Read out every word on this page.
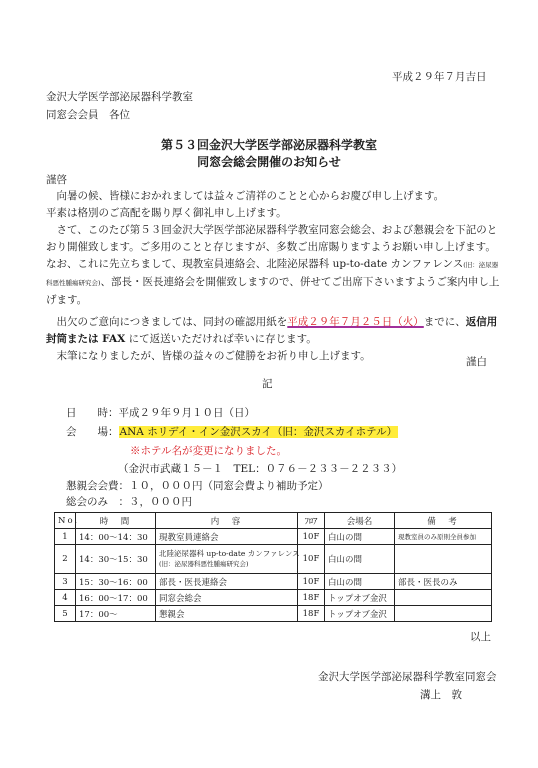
平成２９年７月吉日
金沢大学医学部泌尿器科学教室
同窓会会員　各位
第５３回金沢大学医学部泌尿器科学教室
同窓会総会開催のお知らせ
謹啓

向暑の候、皆様におかれましては益々ご清祥のことと心からお慶び申し上げます。

平素は格別のご高配を賜り厚く御礼申し上げます。

さて、このたび第５３回金沢大学医学部泌尿器科学教室同窓会総会、および懇親会を下記のとおり開催致します。ご多用のことと存じますが、多数ご出席賜りますようお願い申し上げます。なお、これに先立ちまして、現教室員連絡会、北陸泌尿器科 up-to-date カンファレンス(旧：泌尿器科悪性腫瘍研究会)、部長・医長連絡会を開催致しますので、併せてご出席下さいますようご案内申し上げます。

出欠のご意向につきましては、同封の確認用紙を平成２９年７月２５日（火）までに、返信用封筒または FAX にて返送いただければ幸いに存じます。

末筆になりましたが、皆様の益々のご健勝をお祈り申し上げます。	謹白
記
日　　時：平成２９年９月１０日（日）
会　　場：ANA ホリデイ・イン金沢スカイ（旧：金沢スカイホテル）
※ホテル名が変更になりました。
（金沢市武蔵１５－１　TEL：０７６－２３３－２２３３）
懇親会会費：１０，０００円（同窓会費より補助予定）
総会のみ　：３，０００円
No.	時　間	内　容	ﾌﾛｱ	会場名	備　考
1	14：00～14：30	現教室員連絡会	10F	白山の間	現教室員のみ原則全員参加
2	14：30～15：30	北陸泌尿器科 up-to-date カンファレンス
(旧：泌尿器科悪性腫瘍研究会)	10F	白山の間	
3	15：30～16：00	部長・医長連絡会	10F	白山の間	部長・医長のみ
4	16：00～17：00	同窓会総会	18F	トップオブ金沢	
5	17：00～	懇親会	18F	トップオブ金沢	
以上
金沢大学医学部泌尿器科学教室同窓会
溝上　敦
